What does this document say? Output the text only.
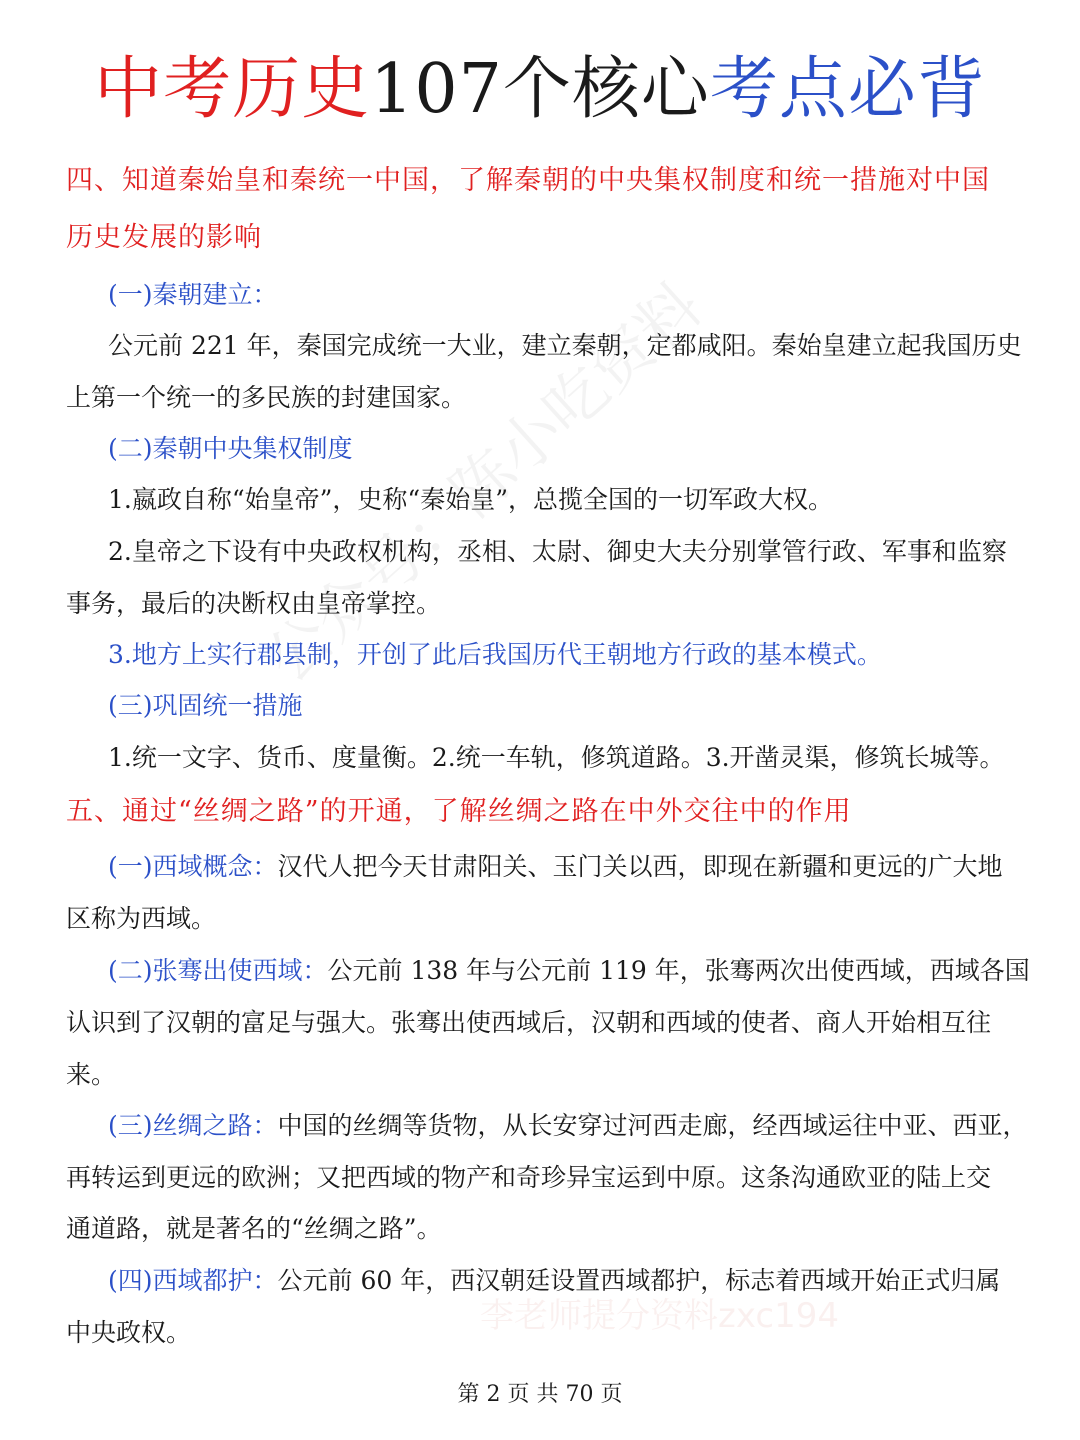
李老师提分资料zxc194
中考历史107个核心考点必背
四、知道秦始皇和秦统一中国，了解秦朝的中央集权制度和统一措施对中国
历史发展的影响
(一)秦朝建立：
公元前 221 年，秦国完成统一大业，建立秦朝，定都咸阳。秦始皇建立起我国历史
上第一个统一的多民族的封建国家。
(二)秦朝中央集权制度
1.嬴政自称“始皇帝”，史称“秦始皇”，总揽全国的一切军政大权。
2.皇帝之下设有中央政权机构，丞相、太尉、御史大夫分别掌管行政、军事和监察
事务，最后的决断权由皇帝掌控。
3.地方上实行郡县制，开创了此后我国历代王朝地方行政的基本模式。
(三)巩固统一措施
1.统一文字、货币、度量衡。2.统一车轨，修筑道路。3.开凿灵渠，修筑长城等。
五、通过“丝绸之路”的开通，了解丝绸之路在中外交往中的作用
(一)西域概念：汉代人把今天甘肃阳关、玉门关以西，即现在新疆和更远的广大地
区称为西域。
(二)张骞出使西域：公元前 138 年与公元前 119 年，张骞两次出使西域，西域各国
认识到了汉朝的富足与强大。张骞出使西域后，汉朝和西域的使者、商人开始相互往
来。
(三)丝绸之路：中国的丝绸等货物，从长安穿过河西走廊，经西域运往中亚、西亚，
再转运到更远的欧洲；又把西域的物产和奇珍异宝运到中原。这条沟通欧亚的陆上交
通道路，就是著名的“丝绸之路”。
(四)西域都护：公元前 60 年，西汉朝廷设置西域都护，标志着西域开始正式归属
中央政权。
第 2 页 共 70 页
